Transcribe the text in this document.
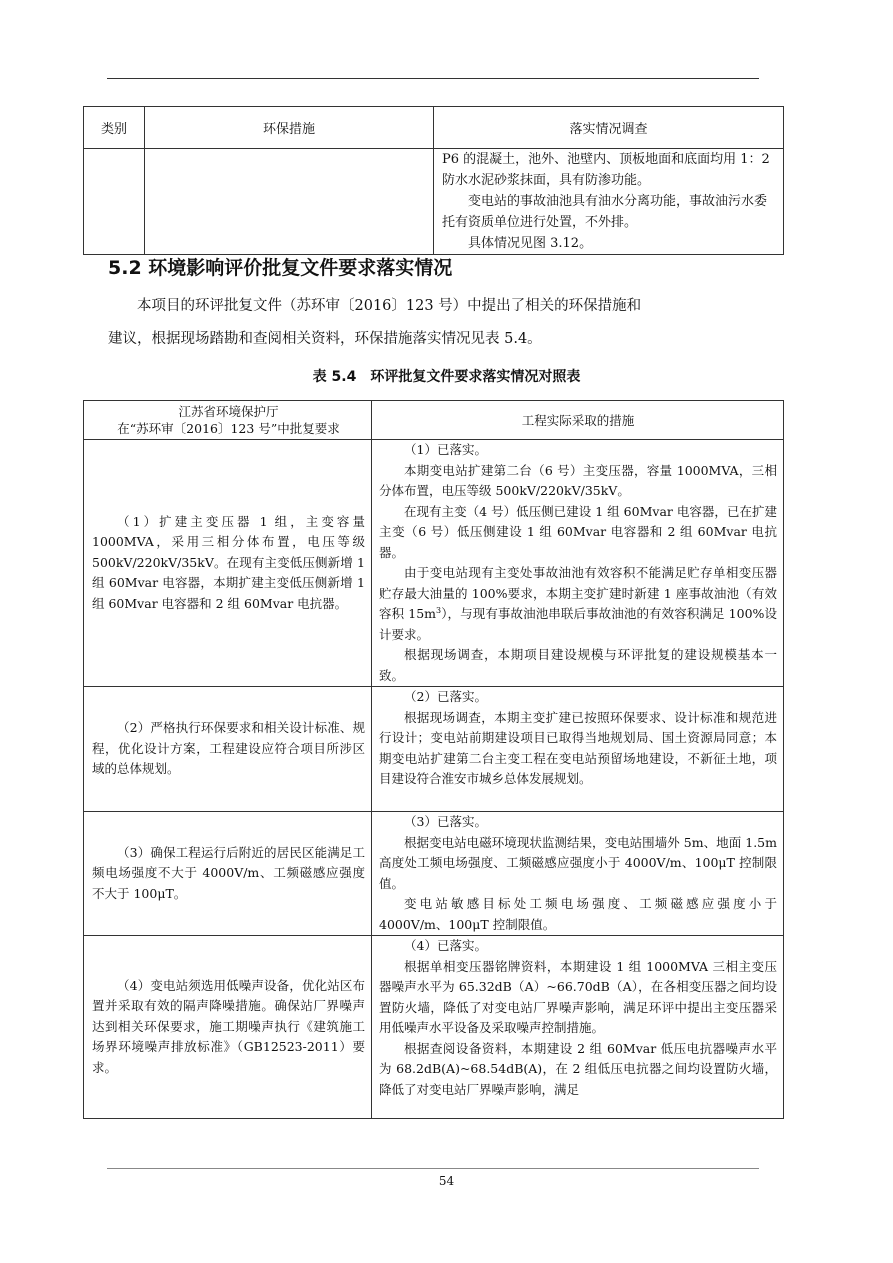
类别	环保措施	落实情况调查

		P6 的混凝土，池外、池壁内、顶板地面和底面均用 1：2 防水水泥砂浆抹面，具有防渗功能。

变电站的事故油池具有油水分离功能，事故油污水委托有资质单位进行处置，不外排。

具体情况见图 3.12。

5.2 环境影响评价批复文件要求落实情况

本项目的环评批复文件（苏环审〔2016〕123 号）中提出了相关的环保措施和

建议，根据现场踏勘和查阅相关资料，环保措施落实情况见表 5.4。

表 5.4　环评批复文件要求落实情况对照表

江苏省环境保护厅

在“苏环审〔2016〕123 号”中批复要求	工程实际采取的措施

（1）扩建主变压器 1 组，主变容量 1000MVA，采用三相分体布置，电压等级 500kV/220kV/35kV。在现有主变低压侧新增 1 组 60Mvar 电容器，本期扩建主变低压侧新增 1 组 60Mvar 电容器和 2 组 60Mvar 电抗器。	（1）已落实。

本期变电站扩建第二台（6 号）主变压器，容量 1000MVA，三相分体布置，电压等级 500kV/220kV/35kV。

在现有主变（4 号）低压侧已建设 1 组 60Mvar 电容器，已在扩建主变（6 号）低压侧建设 1 组 60Mvar 电容器和 2 组 60Mvar 电抗器。

由于变电站现有主变处事故油池有效容积不能满足贮存单相变压器贮存最大油量的 100%要求，本期主变扩建时新建 1 座事故油池（有效容积 $15m^3$），与现有事故油池串联后事故油池的有效容积满足 100%设计要求。

根据现场调查，本期项目建设规模与环评批复的建设规模基本一致。

（2）严格执行环保要求和相关设计标准、规程，优化设计方案，工程建设应符合项目所涉区域的总体规划。	（2）已落实。

根据现场调查，本期主变扩建已按照环保要求、设计标准和规范进行设计；变电站前期建设项目已取得当地规划局、国土资源局同意；本期变电站扩建第二台主变工程在变电站预留场地建设，不新征土地，项目建设符合淮安市城乡总体发展规划。

（3）确保工程运行后附近的居民区能满足工频电场强度不大于 4000V/m、工频磁感应强度不大于 100μT。	（3）已落实。

根据变电站电磁环境现状监测结果，变电站围墙外 5m、地面 1.5m 高度处工频电场强度、工频磁感应强度小于 4000V/m、100μT 控制限值。

变电站敏感目标处工频电场强度、工频磁感应强度小于 4000V/m、100μT 控制限值。

（4）变电站须选用低噪声设备，优化站区布置并采取有效的隔声降噪措施。确保站厂界噪声达到相关环保要求，施工期噪声执行《建筑施工场界环境噪声排放标准》（GB12523-2011）要求。	（4）已落实。

根据单相变压器铭牌资料，本期建设 1 组 1000MVA 三相主变压器噪声水平为 65.32dB（A）~66.70dB（A），在各相变压器之间均设置防火墙，降低了对变电站厂界噪声影响，满足环评中提出主变压器采用低噪声水平设备及采取噪声控制措施。

根据查阅设备资料，本期建设 2 组 60Mvar 低压电抗器噪声水平为 68.2dB(A)~68.54dB(A)，在 2 组低压电抗器之间均设置防火墙，降低了对变电站厂界噪声影响，满足

54
